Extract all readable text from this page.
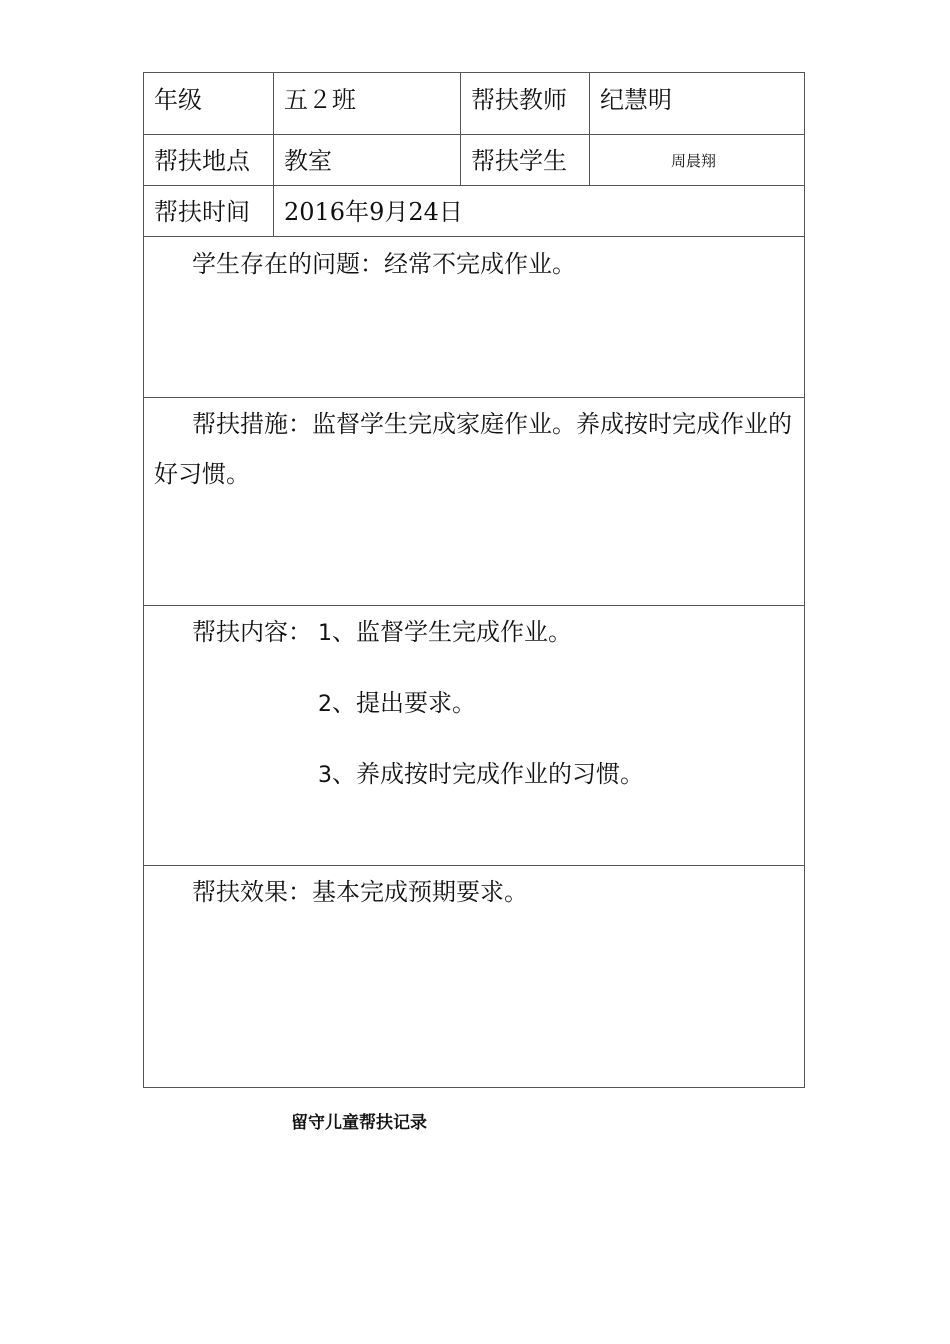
年级	五２班	帮扶教师 纪慧明
帮扶地点 教室	帮扶学生	周晨翔
帮扶时间 2016年9月24日
学生存在的问题：经常不完成作业。
帮扶措施：监督学生完成家庭作业。养成按时完成作业的好习惯。
帮扶内容： 1、监督学生完成作业。
2、提出要求。
3、养成按时完成作业的习惯。
帮扶效果：基本完成预期要求。
留守儿童帮扶记录
